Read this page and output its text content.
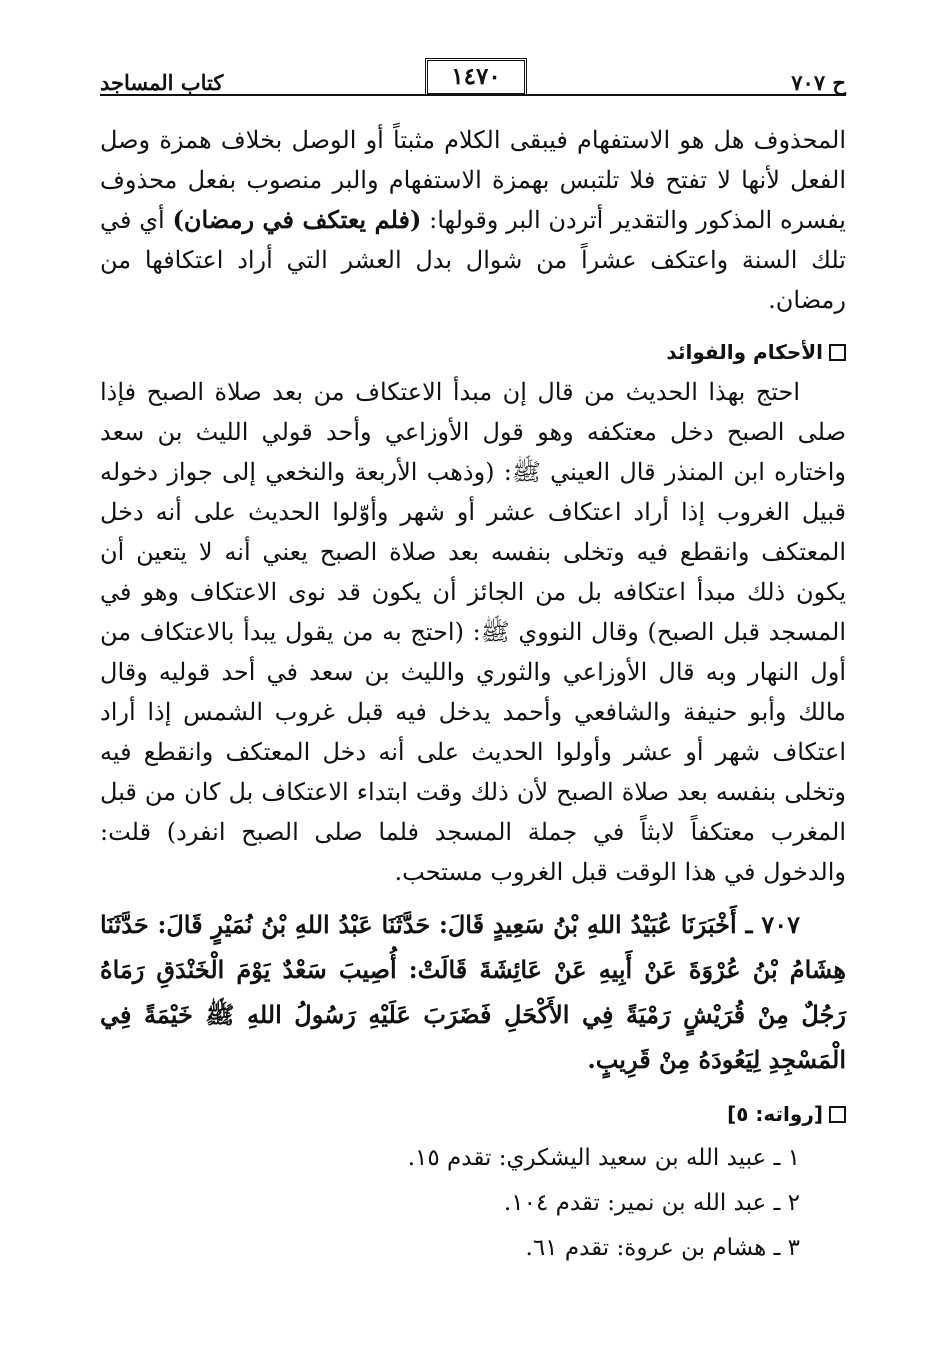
ح ٧٠٧
١٤٧٠
كتاب المساجد

المحذوف هل هو الاستفهام فيبقى الكلام مثبتاً أو الوصل بخلاف همزة وصل الفعل لأنها لا تفتح فلا تلتبس بهمزة الاستفهام والبر منصوب بفعل محذوف يفسره المذكور والتقدير أتردن البر وقولها: (فلم يعتكف في رمضان) أي في تلك السنة واعتكف عشراً من شوال بدل العشر التي أراد اعتكافها من رمضان.

الأحكام والفوائد

احتج بهذا الحديث من قال إن مبدأ الاعتكاف من بعد صلاة الصبح فإذا صلى الصبح دخل معتكفه وهو قول الأوزاعي وأحد قولي الليث بن سعد واختاره ابن المنذر قال العيني ﷺ: (وذهب الأربعة والنخعي إلى جواز دخوله قبيل الغروب إذا أراد اعتكاف عشر أو شهر وأوّلوا الحديث على أنه دخل المعتكف وانقطع فيه وتخلى بنفسه بعد صلاة الصبح يعني أنه لا يتعين أن يكون ذلك مبدأ اعتكافه بل من الجائز أن يكون قد نوى الاعتكاف وهو في المسجد قبل الصبح) وقال النووي ﷺ: (احتج به من يقول يبدأ بالاعتكاف من أول النهار وبه قال الأوزاعي والثوري والليث بن سعد في أحد قوليه وقال مالك وأبو حنيفة والشافعي وأحمد يدخل فيه قبل غروب الشمس إذا أراد اعتكاف شهر أو عشر وأولوا الحديث على أنه دخل المعتكف وانقطع فيه وتخلى بنفسه بعد صلاة الصبح لأن ذلك وقت ابتداء الاعتكاف بل كان من قبل المغرب معتكفاً لابثاً في جملة المسجد فلما صلى الصبح انفرد) قلت: والدخول في هذا الوقت قبل الغروب مستحب.

٧٠٧ ـ أَخْبَرَنَا عُبَيْدُ اللهِ بْنُ سَعِيدٍ قَالَ: حَدَّثَنَا عَبْدُ اللهِ بْنُ نُمَيْرٍ قَالَ: حَدَّثَنَا هِشَامُ بْنُ عُرْوَةَ عَنْ أَبِيهِ عَنْ عَائِشَةَ قَالَتْ: أُصِيبَ سَعْدٌ يَوْمَ الْخَنْدَقِ رَمَاهُ رَجُلٌ مِنْ قُرَيْشٍ رَمْيَةً فِي الأَكْحَلِ فَضَرَبَ عَلَيْهِ رَسُولُ اللهِ ﷺ خَيْمَةً فِي الْمَسْجِدِ لِيَعُودَهُ مِنْ قَرِيبٍ.

[رواته: ٥]
١ ـ عبيد الله بن سعيد اليشكري: تقدم ١٥.
٢ ـ عبد الله بن نمير: تقدم ١٠٤.
٣ ـ هشام بن عروة: تقدم ٦١.
